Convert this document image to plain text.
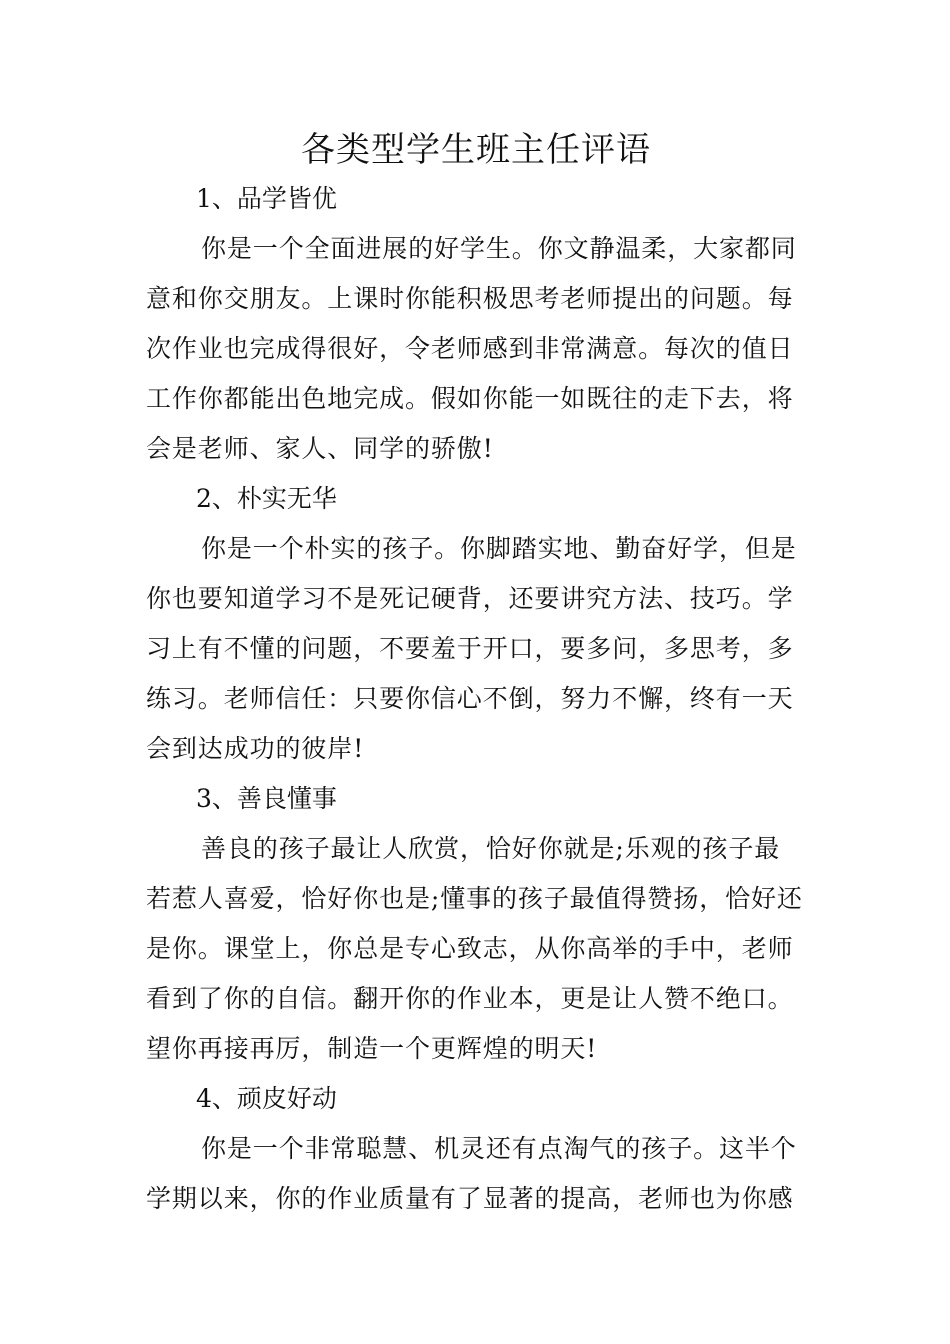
各类型学生班主任评语

1、品学皆优

你是一个全面进展的好学生。你文静温柔，大家都同意和你交朋友。上课时你能积极思考老师提出的问题。每次作业也完成得很好，令老师感到非常满意。每次的值日工作你都能出色地完成。假如你能一如既往的走下去，将会是老师、家人、同学的骄傲!

2、朴实无华

你是一个朴实的孩子。你脚踏实地、勤奋好学，但是你也要知道学习不是死记硬背，还要讲究方法、技巧。学习上有不懂的问题，不要羞于开口，要多问，多思考，多练习。老师信任：只要你信心不倒，努力不懈，终有一天会到达成功的彼岸!

3、善良懂事

善良的孩子最让人欣赏，恰好你就是;乐观的孩子最若惹人喜爱，恰好你也是;懂事的孩子最值得赞扬，恰好还是你。课堂上，你总是专心致志，从你高举的手中，老师看到了你的自信。翻开你的作业本，更是让人赞不绝口。望你再接再厉，制造一个更辉煌的明天!

4、顽皮好动

你是一个非常聪慧、机灵还有点淘气的孩子。这半个学期以来，你的作业质量有了显著的提高，老师也为你感
